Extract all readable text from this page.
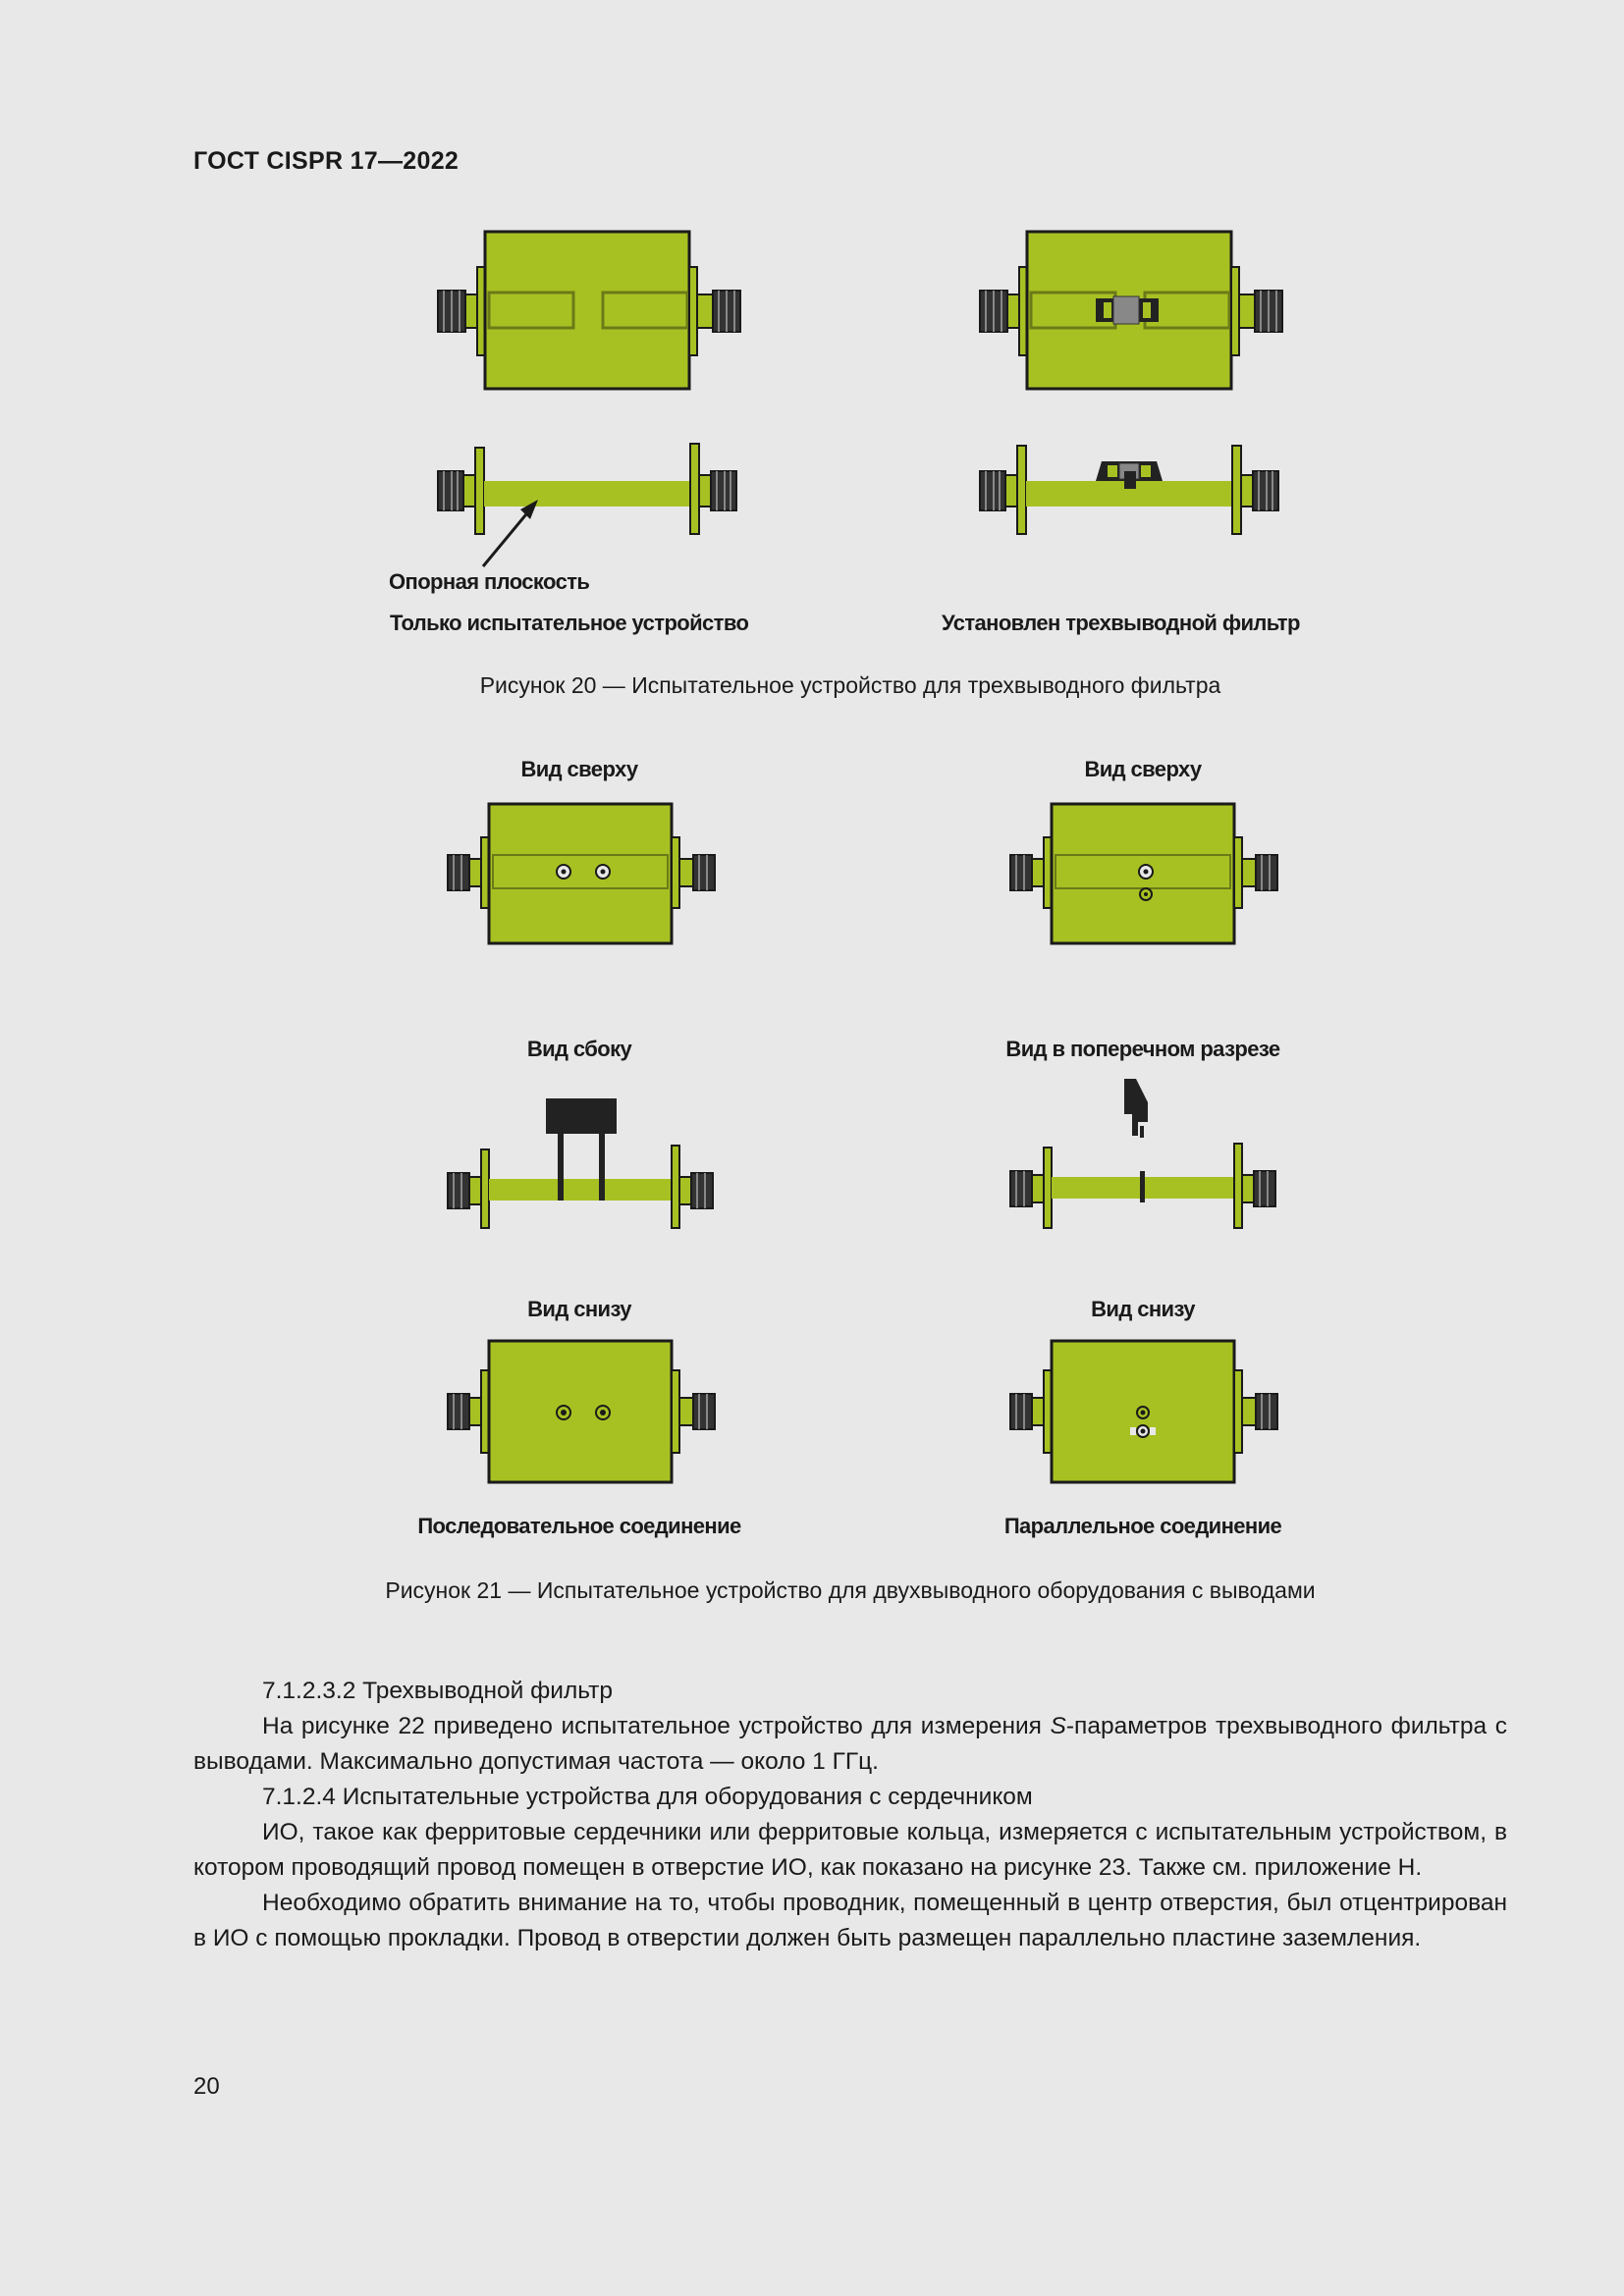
ГОСТ CISPR 17—2022
Опорная плоскость
Только испытательное устройство	Установлен трехвыводной фильтр
Рисунок 20 — Испытательное устройство для трехвыводного фильтра
Вид сверху	Вид сверху
Вид сбоку	Вид в поперечном разрезе
Вид снизу	Вид снизу
Последовательное соединение	Параллельное соединение
Рисунок 21 — Испытательное устройство для двухвыводного оборудования с выводами

7.1.2.3.2 Трехвыводной фильтр

На рисунке 22 приведено испытательное устройство для измерения S-параметров трехвыводного фильтра с выводами. Максимально допустимая частота — около 1 ГГц.

7.1.2.4 Испытательные устройства для оборудования с сердечником

ИО, такое как ферритовые сердечники или ферритовые кольца, измеряется с испытательным устройством, в котором проводящий провод помещен в отверстие ИО, как показано на рисунке 23. Также см. приложение Н.

Необходимо обратить внимание на то, чтобы проводник, помещенный в центр отверстия, был отцентрирован в ИО с помощью прокладки. Провод в отверстии должен быть размещен параллельно пластине заземления.

20
